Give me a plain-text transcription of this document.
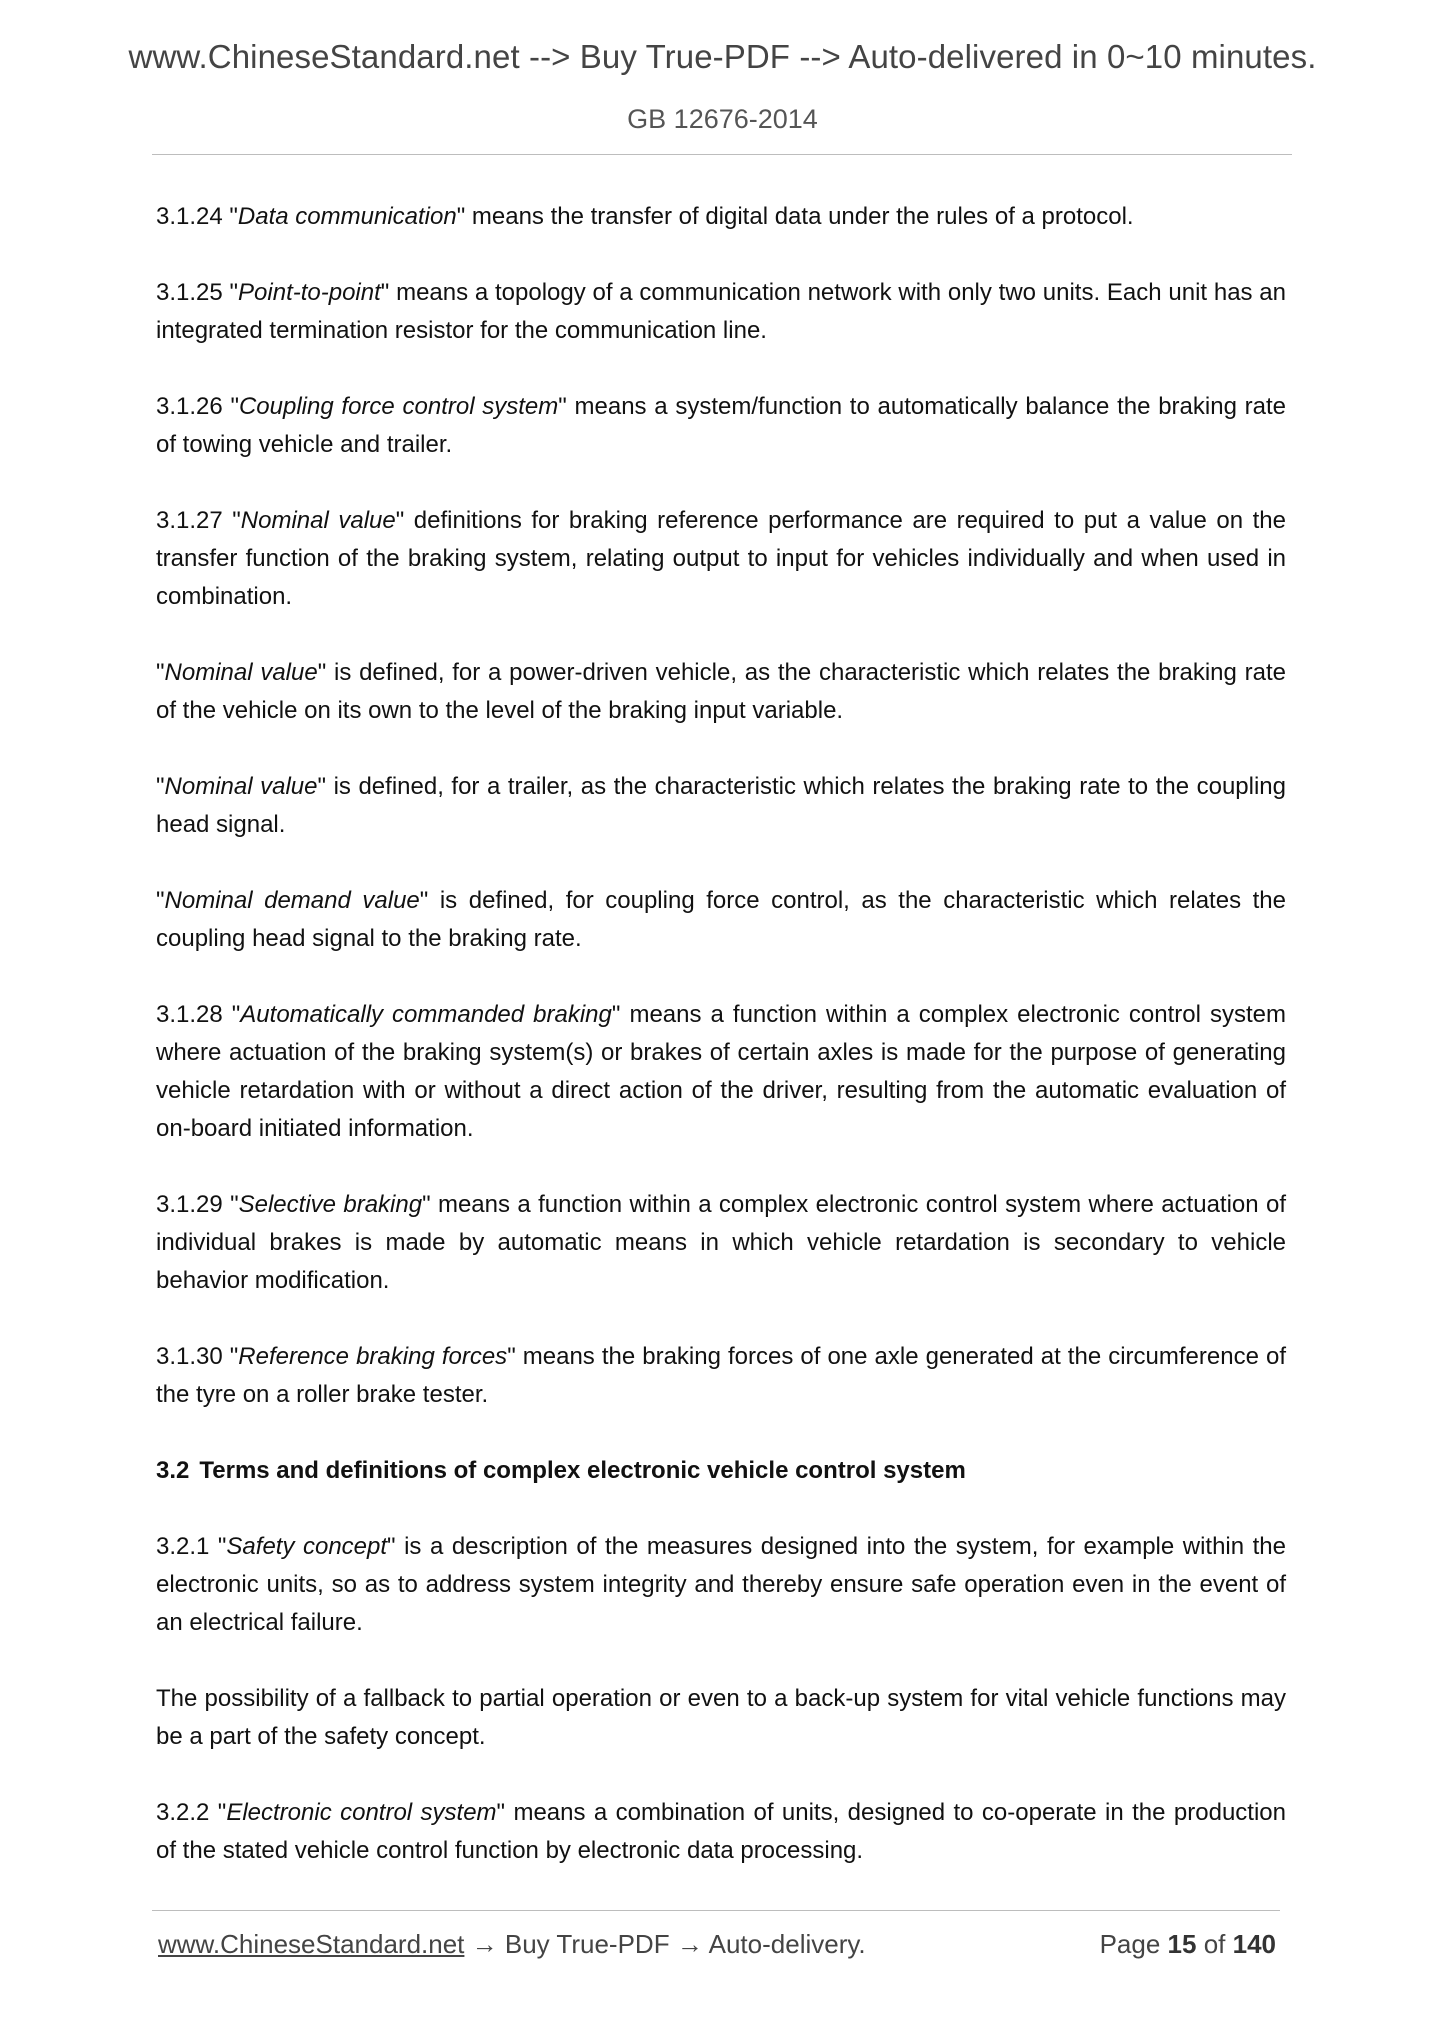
www.ChineseStandard.net --> Buy True-PDF --> Auto-delivered in 0~10 minutes.
GB 12676-2014

3.1.24 "Data communication" means the transfer of digital data under the rules of a protocol.

3.1.25 "Point-to-point" means a topology of a communication network with only two units. Each unit has an integrated termination resistor for the communication line.

3.1.26 "Coupling force control system" means a system/function to automatically balance the braking rate of towing vehicle and trailer.

3.1.27 "Nominal value" definitions for braking reference performance are required to put a value on the transfer function of the braking system, relating output to input for vehicles individually and when used in combination.

"Nominal value" is defined, for a power-driven vehicle, as the characteristic which relates the braking rate of the vehicle on its own to the level of the braking input variable.

"Nominal value" is defined, for a trailer, as the characteristic which relates the braking rate to the coupling head signal.

"Nominal demand value" is defined, for coupling force control, as the characteristic which relates the coupling head signal to the braking rate.

3.1.28 "Automatically commanded braking" means a function within a complex electronic control system where actuation of the braking system(s) or brakes of certain axles is made for the purpose of generating vehicle retardation with or without a direct action of the driver, resulting from the automatic evaluation of on-board initiated information.

3.1.29 "Selective braking" means a function within a complex electronic control system where actuation of individual brakes is made by automatic means in which vehicle retardation is secondary to vehicle behavior modification.

3.1.30 "Reference braking forces" means the braking forces of one axle generated at the circumference of the tyre on a roller brake tester.

3.2 Terms and definitions of complex electronic vehicle control system

3.2.1 "Safety concept" is a description of the measures designed into the system, for example within the electronic units, so as to address system integrity and thereby ensure safe operation even in the event of an electrical failure.

The possibility of a fallback to partial operation or even to a back-up system for vital vehicle functions may be a part of the safety concept.

3.2.2 "Electronic control system" means a combination of units, designed to co-operate in the production of the stated vehicle control function by electronic data processing.

www.ChineseStandard.net → Buy True-PDF → Auto-delivery.	Page 15 of 140
